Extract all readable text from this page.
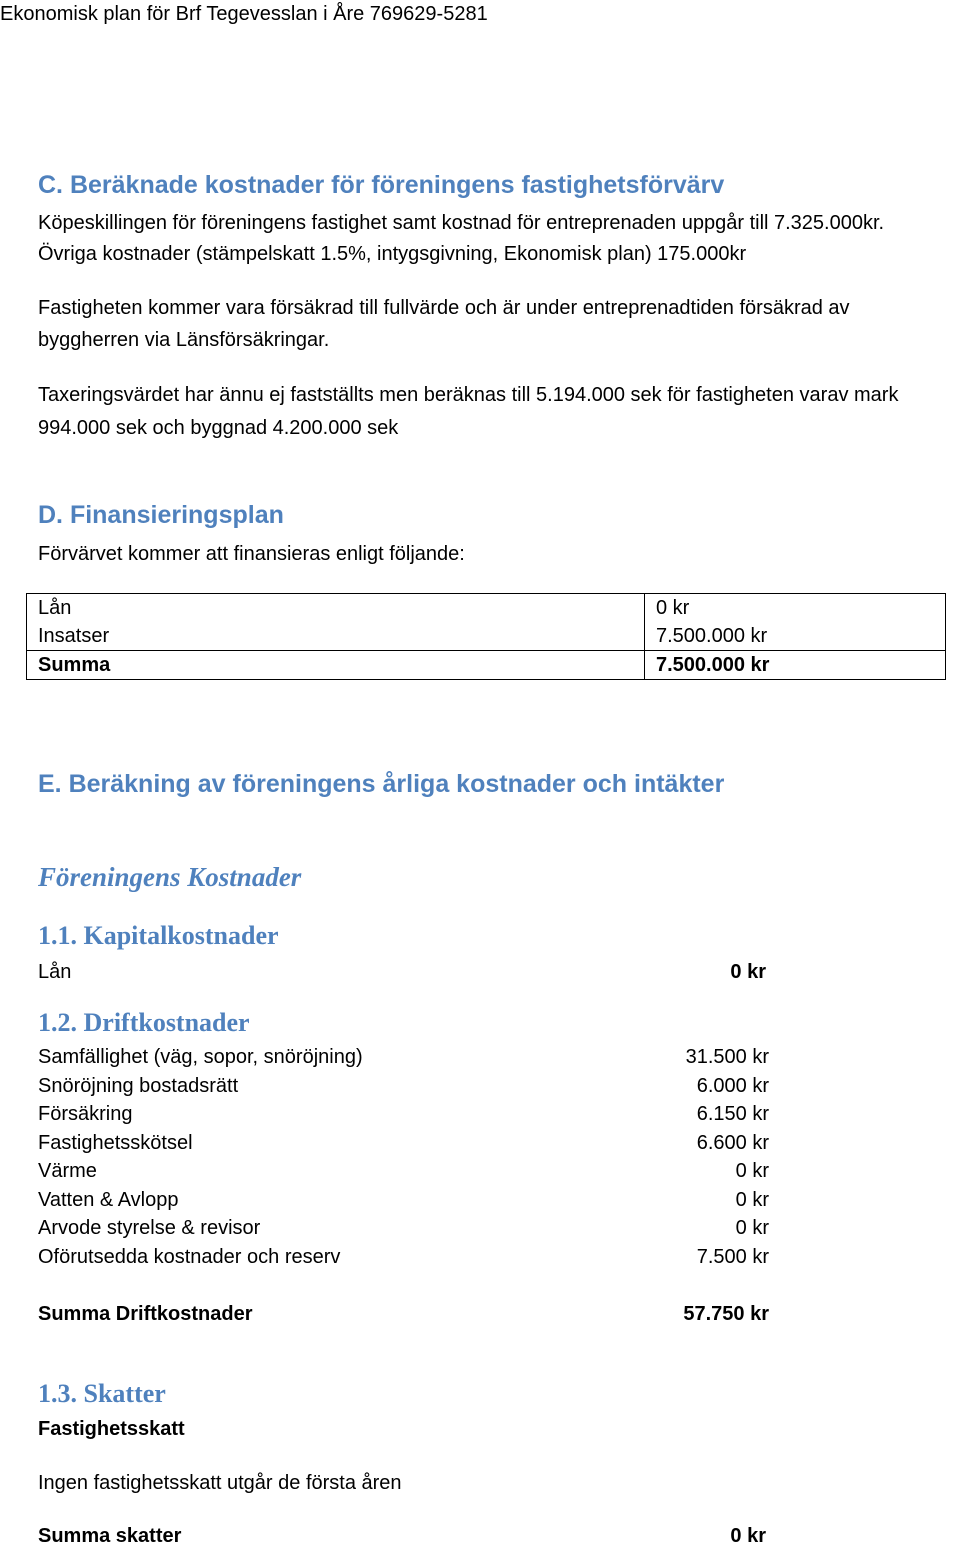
Ekonomisk plan för Brf Tegevesslan i Åre 769629-5281
C. Beräknade kostnader för föreningens fastighetsförvärv
Köpeskillingen för föreningens fastighet samt kostnad för entreprenaden uppgår till 7.325.000kr.
Övriga kostnader (stämpelskatt 1.5%, intygsgivning, Ekonomisk plan) 175.000kr
Fastigheten kommer vara försäkrad till fullvärde och är under entreprenadtiden försäkrad av
byggherren via Länsförsäkringar.
Taxeringsvärdet har ännu ej fastställts men beräknas till 5.194.000 sek för fastigheten varav mark
994.000 sek och byggnad 4.200.000 sek
D. Finansieringsplan
Förvärvet kommer att finansieras enligt följande:
Lån	0 kr
Insatser	7.500.000 kr
Summa	7.500.000 kr
E. Beräkning av föreningens årliga kostnader och intäkter
Föreningens Kostnader
1.1. Kapitalkostnader
Lån	0 kr
1.2. Driftkostnader
Samfällighet (väg, sopor, snöröjning)	31.500 kr
Snöröjning bostadsrätt	6.000 kr
Försäkring	6.150 kr
Fastighetsskötsel	6.600 kr
Värme	0 kr
Vatten & Avlopp	0 kr
Arvode styrelse & revisor	0 kr
Oförutsedda kostnader och reserv	7.500 kr
Summa Driftkostnader	57.750 kr
1.3. Skatter
Fastighetsskatt
Ingen fastighetsskatt utgår de första åren
Summa skatter	0 kr
